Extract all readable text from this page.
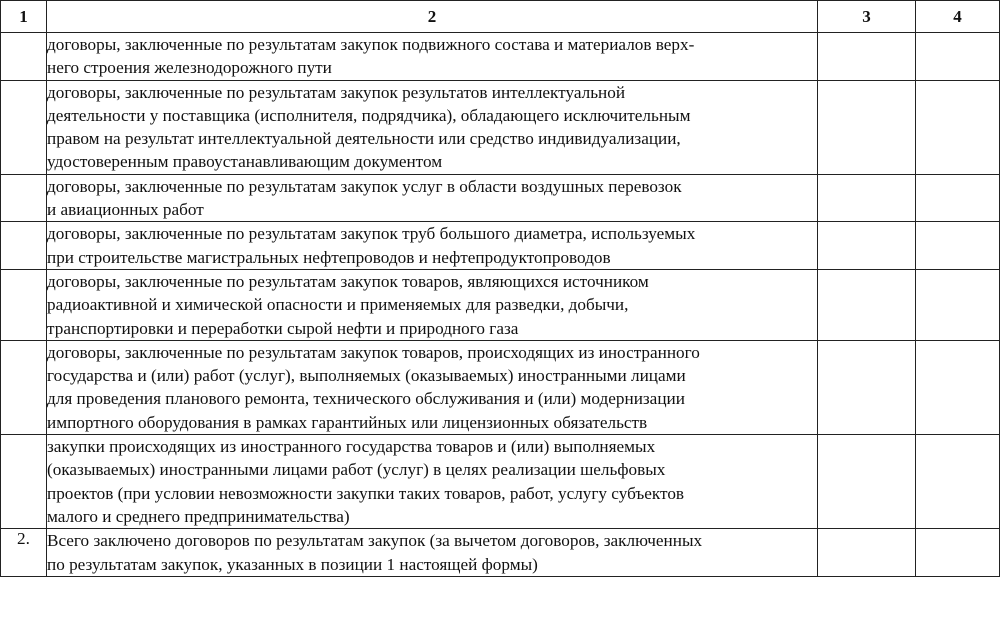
1	2	3	4

	договоры, заключенные по результатам закупок подвижного состава и материалов верх-
него строения железнодорожного пути		

	договоры, заключенные по результатам закупок результатов интеллектуальной
деятельности у поставщика (исполнителя, подрядчика), обладающего исключительным
правом на результат интеллектуальной деятельности или средство индивидуализации,
удостоверенным правоустанавливающим документом		

	договоры, заключенные по результатам закупок услуг в области воздушных перевозок
и авиационных работ		

	договоры, заключенные по результатам закупок труб большого диаметра, используемых
при строительстве магистральных нефтепроводов и нефтепродуктопроводов		

	договоры, заключенные по результатам закупок товаров, являющихся источником
радиоактивной и химической опасности и применяемых для разведки, добычи,
транспортировки и переработки сырой нефти и природного газа		

	договоры, заключенные по результатам закупок товаров, происходящих из иностранного
государства и (или) работ (услуг), выполняемых (оказываемых) иностранными лицами
для проведения планового ремонта, технического обслуживания и (или) модернизации
импортного оборудования в рамках гарантийных или лицензионных обязательств		

	закупки происходящих из иностранного государства товаров и (или) выполняемых
(оказываемых) иностранными лицами работ (услуг) в целях реализации шельфовых
проектов (при условии невозможности закупки таких товаров, работ, услугу субъектов
малого и среднего предпринимательства)		

2.	Всего заключено договоров по результатам закупок (за вычетом договоров, заключенных
по результатам закупок, указанных в позиции 1 настоящей формы)		
